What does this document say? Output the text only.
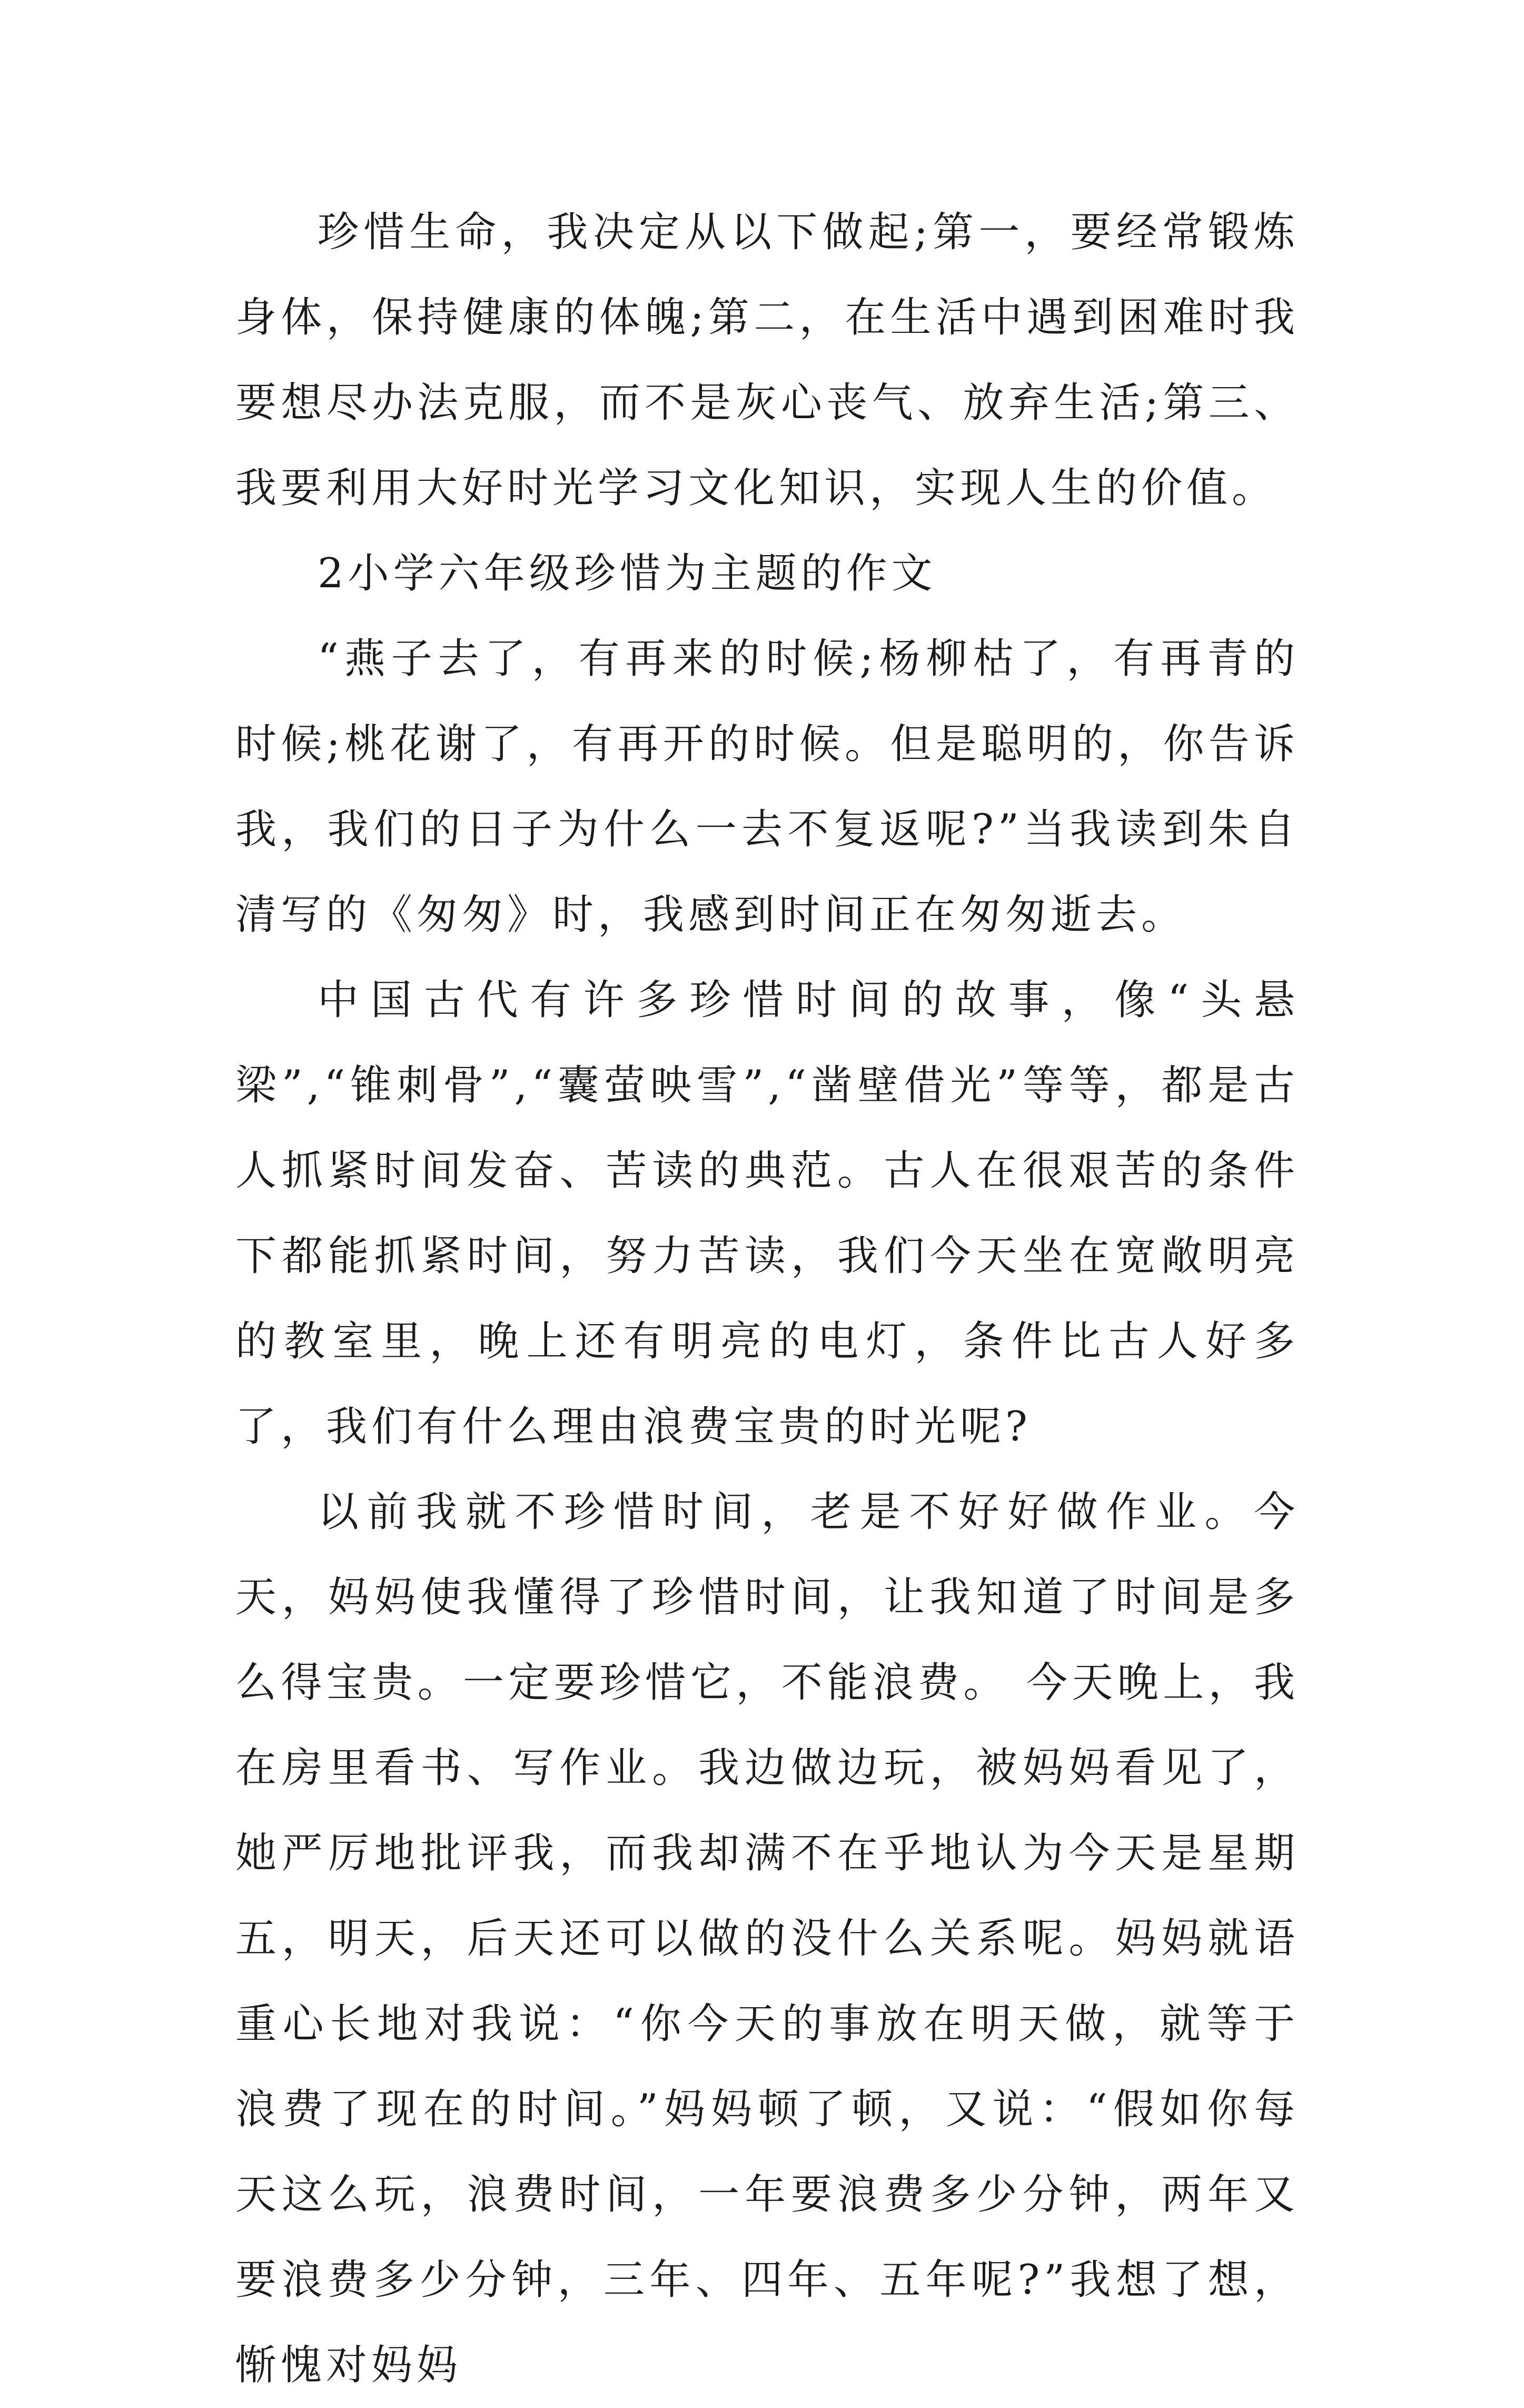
珍惜生命，我决定从以下做起;第一，要经常锻炼身体，保持健康的体魄;第二，在生活中遇到困难时我要想尽办法克服，而不是灰心丧气、放弃生活;第三、我要利用大好时光学习文化知识，实现人生的价值。

2小学六年级珍惜为主题的作文

“燕子去了，有再来的时候;杨柳枯了，有再青的时候;桃花谢了，有再开的时候。但是聪明的，你告诉我，我们的日子为什么一去不复返呢?”当我读到朱自清写的《匆匆》时，我感到时间正在匆匆逝去。

中国古代有许多珍惜时间的故事，像“头悬梁”,“锥刺骨”,“囊萤映雪”,“凿壁借光”等等，都是古人抓紧时间发奋、苦读的典范。古人在很艰苦的条件下都能抓紧时间，努力苦读，我们今天坐在宽敞明亮的教室里，晚上还有明亮的电灯，条件比古人好多了，我们有什么理由浪费宝贵的时光呢?

以前我就不珍惜时间，老是不好好做作业。今天，妈妈使我懂得了珍惜时间，让我知道了时间是多么得宝贵。一定要珍惜它，不能浪费。 今天晚上，我在房里看书、写作业。我边做边玩，被妈妈看见了，她严厉地批评我，而我却满不在乎地认为今天是星期五，明天，后天还可以做的没什么关系呢。妈妈就语重心长地对我说：“你今天的事放在明天做，就等于浪费了现在的时间。”妈妈顿了顿，又说：“假如你每天这么玩，浪费时间，一年要浪费多少分钟，两年又要浪费多少分钟，三年、四年、五年呢?”我想了想，惭愧对妈妈
